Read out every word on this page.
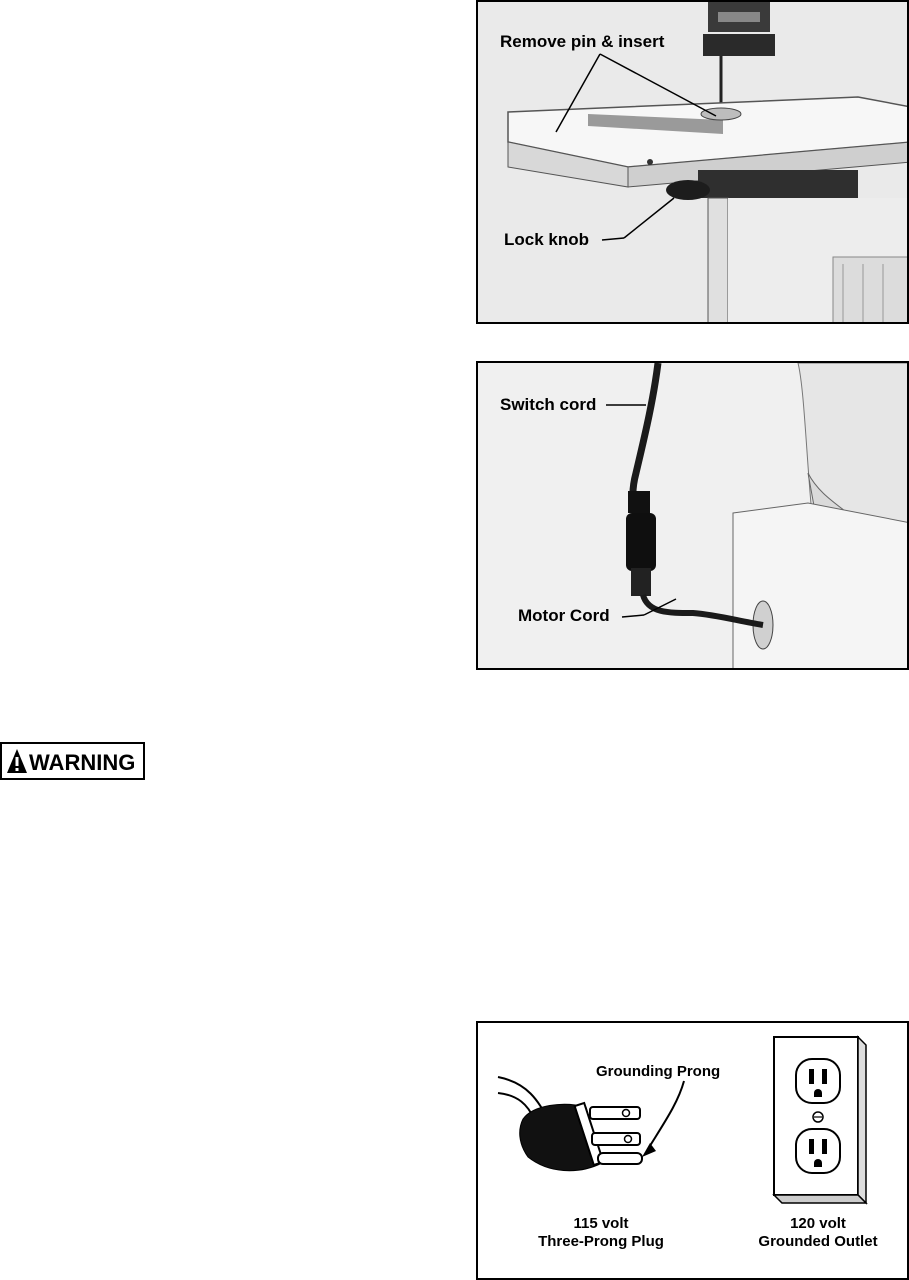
Remove pin & insert
Lock knob
Switch cord
Motor Cord
WARNING
Grounding Prong
115 volt
Three-Prong Plug
120 volt
Grounded Outlet
